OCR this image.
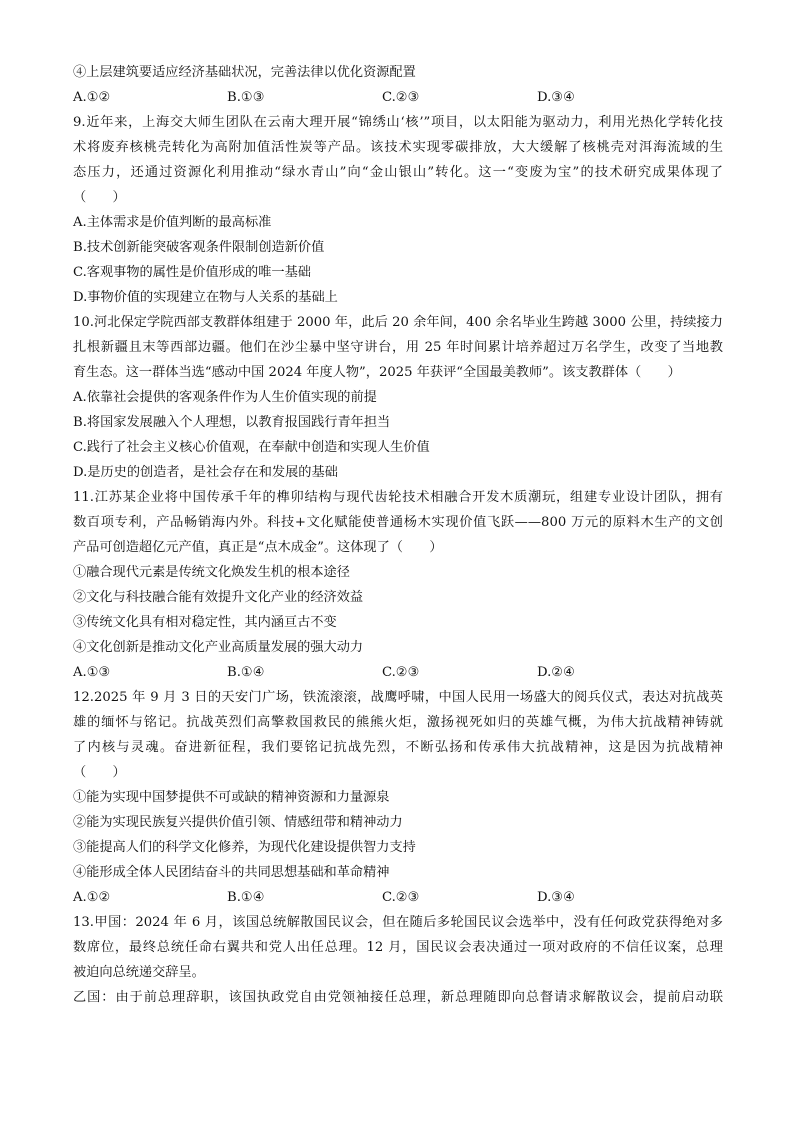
④上层建筑要适应经济基础状况，完善法律以优化资源配置
A.①②	B.①③	C.②③	D.③④
9.近年来，上海交大师生团队在云南大理开展“锦绣山‘核’”项目，以太阳能为驱动力，利用光热化学转化技
术将废弃核桃壳转化为高附加值活性炭等产品。该技术实现零碳排放，大大缓解了核桃壳对洱海流域的生
态压力，还通过资源化利用推动“绿水青山”向“金山银山”转化。这一“变废为宝”的技术研究成果体现了
（　　）
A.主体需求是价值判断的最高标准
B.技术创新能突破客观条件限制创造新价值
C.客观事物的属性是价值形成的唯一基础
D.事物价值的实现建立在物与人关系的基础上
10.河北保定学院西部支教群体组建于 2000 年，此后 20 余年间，400 余名毕业生跨越 3000 公里，持续接力
扎根新疆且末等西部边疆。他们在沙尘暴中坚守讲台，用 25 年时间累计培养超过万名学生，改变了当地教
育生态。这一群体当选“感动中国 2024 年度人物”，2025 年获评“全国最美教师”。该支教群体（　　）
A.依靠社会提供的客观条件作为人生价值实现的前提
B.将国家发展融入个人理想，以教育报国践行青年担当
C.践行了社会主义核心价值观，在奉献中创造和实现人生价值
D.是历史的创造者，是社会存在和发展的基础
11.江苏某企业将中国传承千年的榫卯结构与现代齿轮技术相融合开发木质潮玩，组建专业设计团队，拥有
数百项专利，产品畅销海内外。科技+文化赋能使普通杨木实现价值飞跃——800 万元的原料木生产的文创
产品可创造超亿元产值，真正是“点木成金”。这体现了（　　）
①融合现代元素是传统文化焕发生机的根本途径
②文化与科技融合能有效提升文化产业的经济效益
③传统文化具有相对稳定性，其内涵亘古不变
④文化创新是推动文化产业高质量发展的强大动力
A.①③	B.①④	C.②③	D.②④
12.2025 年 9 月 3 日的天安门广场，铁流滚滚，战鹰呼啸，中国人民用一场盛大的阅兵仪式，表达对抗战英
雄的缅怀与铭记。抗战英烈们高擎救国救民的熊熊火炬，激扬视死如归的英雄气概，为伟大抗战精神铸就
了内核与灵魂。奋进新征程，我们要铭记抗战先烈，不断弘扬和传承伟大抗战精神，这是因为抗战精神
（　　）
①能为实现中国梦提供不可或缺的精神资源和力量源泉
②能为实现民族复兴提供价值引领、情感纽带和精神动力
③能提高人们的科学文化修养，为现代化建设提供智力支持
④能形成全体人民团结奋斗的共同思想基础和革命精神
A.①②	B.①④	C.②③	D.③④
13.甲国：2024 年 6 月，该国总统解散国民议会，但在随后多轮国民议会选举中，没有任何政党获得绝对多
数席位，最终总统任命右翼共和党人出任总理。12 月，国民议会表决通过一项对政府的不信任议案，总理
被迫向总统递交辞呈。
乙国：由于前总理辞职，该国执政党自由党领袖接任总理，新总理随即向总督请求解散议会，提前启动联
